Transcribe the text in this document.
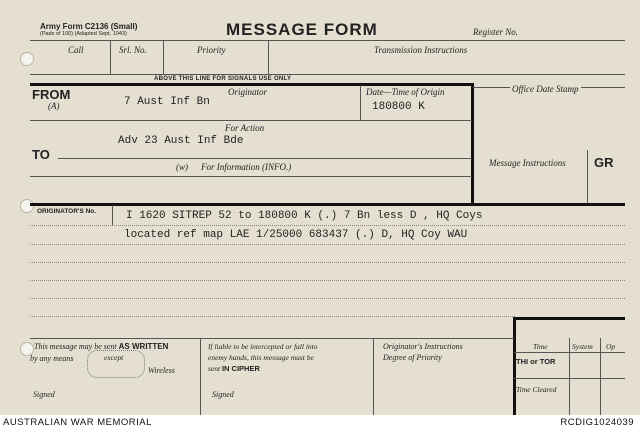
Army Form C2136 (Small)
(Pads of 100) (Adapted Sept. 1943)	MESSAGE FORM	Register No.
Call	Srl. No.	Priority	Transmission Instructions
ABOVE THIS LINE FOR SIGNALS USE ONLY
FROM
(A)
Originator
7 Aust Inf Bn
Date—Time of Origin
180800 K
For Action
Adv 23 Aust Inf Bde
TO
(w) For Information (INFO.)
Office Date Stamp
Message Instructions GR
ORIGINATOR'S No.	I 1620 SITREP 52 to 180800 K (.) 7 Bn less D , HQ Coys
located ref map LAE 1/25000 683437 (.) D, HQ Coy WAU
This message may be sent AS WRITTEN
by any means	except
Wireless
Signed
If liable to be intercepted or fall into
enemy hands, this message must be
sent IN CIPHER
Signed
Originator's Instructions
Degree of Priority
Time	System Op
THI or TOR
Time Cleared
AUSTRALIAN WAR MEMORIAL	RCDIG1024039
